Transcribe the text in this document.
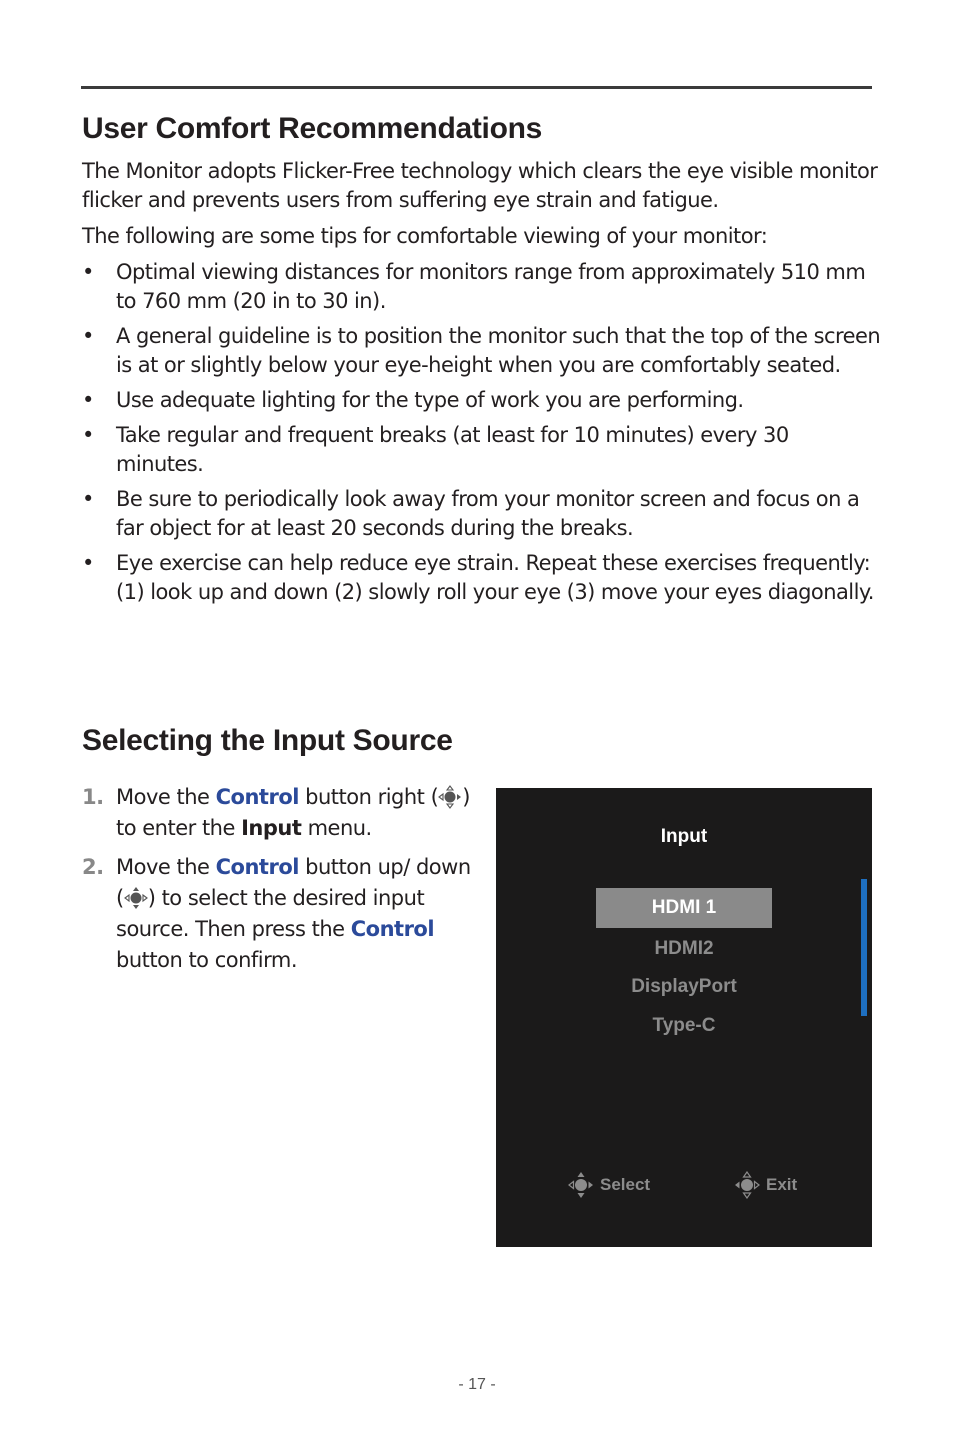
User Comfort Recommendations

The Monitor adopts Flicker-Free technology which clears the eye visible monitor flicker and prevents users from suffering eye strain and fatigue.

The following are some tips for comfortable viewing of your monitor:

• Optimal viewing distances for monitors range from approximately 510 mm to 760 mm (20 in to 30 in).
• A general guideline is to position the monitor such that the top of the screen is at or slightly below your eye-height when you are comfortably seated.
• Use adequate lighting for the type of work you are performing.
• Take regular and frequent breaks (at least for 10 minutes) every 30 minutes.
• Be sure to periodically look away from your monitor screen and focus on a far object for at least 20 seconds during the breaks.
• Eye exercise can help reduce eye strain. Repeat these exercises frequently: (1) look up and down (2) slowly roll your eye (3) move your eyes diagonally.
Selecting the Input Source
1. Move the Control button right ( ) to enter the Input menu.
2. Move the Control button up/ down ( ) to select the desired input source. Then press the Control button to confirm.
Input
HDMI 1
HDMI2
DisplayPort
Type-C
Select	Exit
- 17 -
